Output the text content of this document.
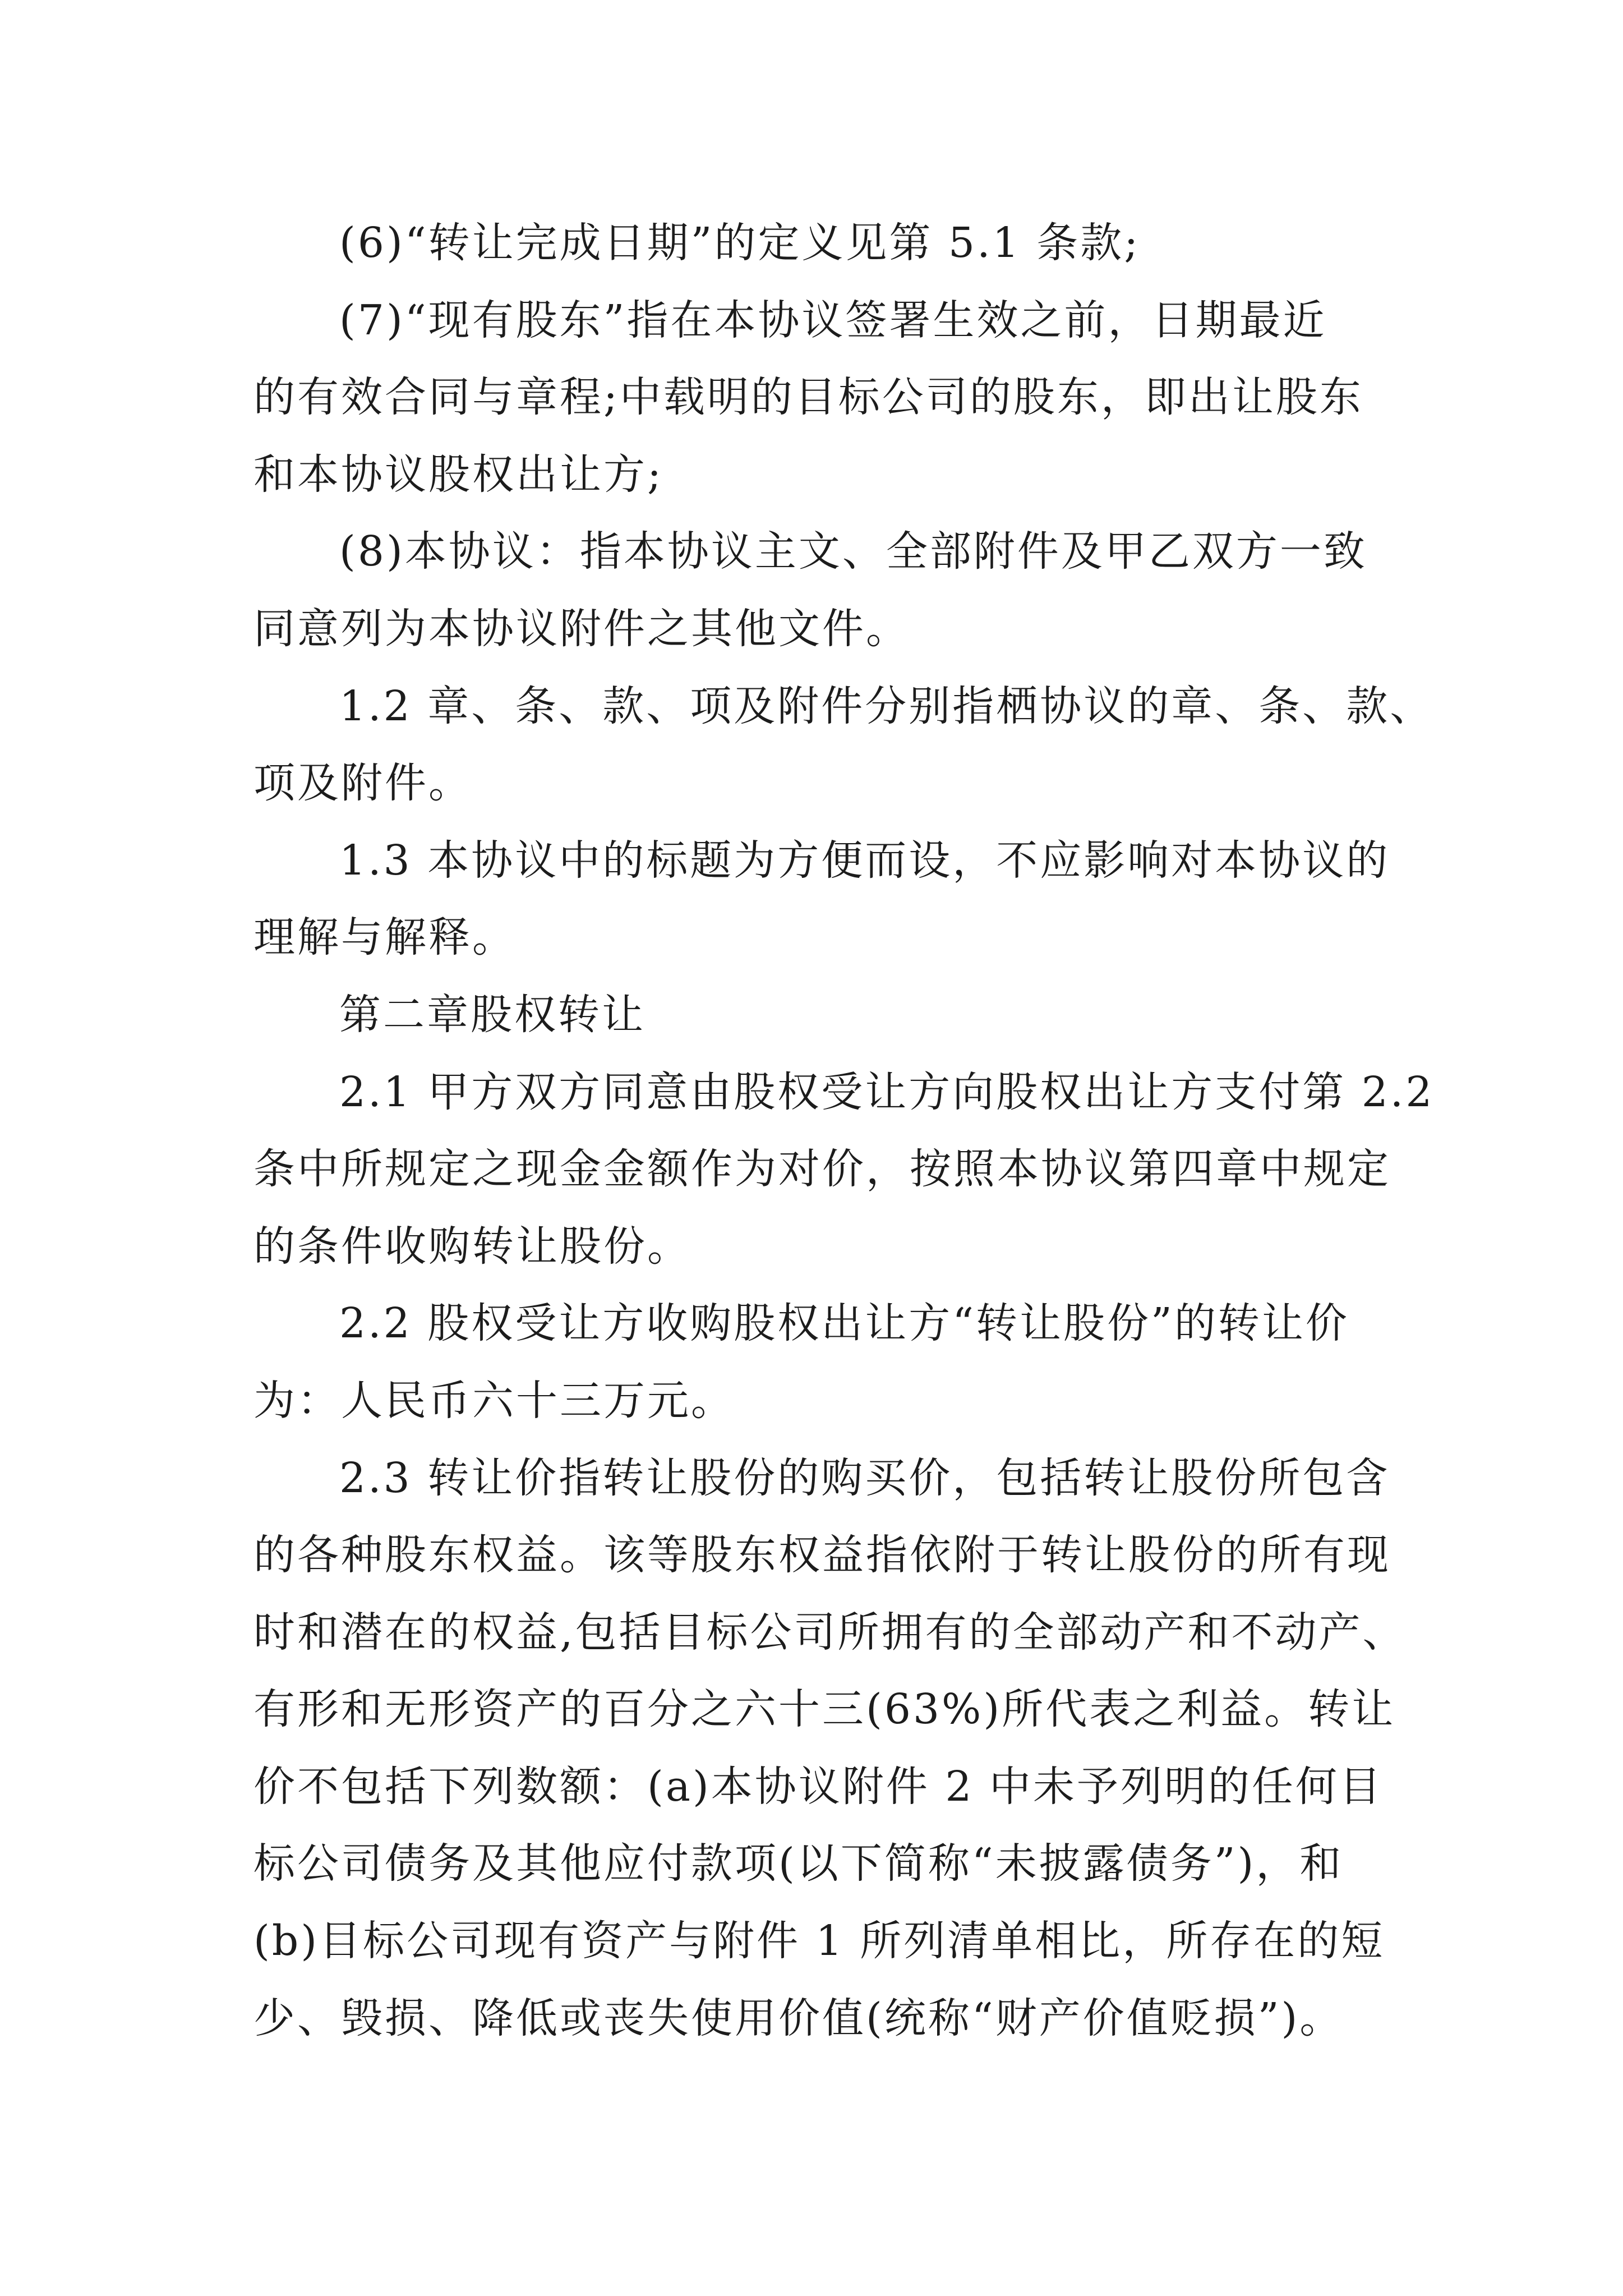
(6)“转让完成日期”的定义见第 5.1 条款;
(7)“现有股东”指在本协议签署生效之前，日期最近
的有效合同与章程;中载明的目标公司的股东，即出让股东
和本协议股权出让方;
(8)本协议：指本协议主文、全部附件及甲乙双方一致
同意列为本协议附件之其他文件。
1.2 章、条、款、项及附件分别指栖协议的章、条、款、
项及附件。
1.3 本协议中的标题为方便而设，不应影响对本协议的
理解与解释。
第二章股权转让
2.1 甲方双方同意由股权受让方向股权出让方支付第 2.2
条中所规定之现金金额作为对价，按照本协议第四章中规定
的条件收购转让股份。
2.2 股权受让方收购股权出让方“转让股份”的转让价
为：人民币六十三万元。
2.3 转让价指转让股份的购买价，包括转让股份所包含
的各种股东权益。该等股东权益指依附于转让股份的所有现
时和潜在的权益,包括目标公司所拥有的全部动产和不动产、
有形和无形资产的百分之六十三(63%)所代表之利益。转让
价不包括下列数额：(a)本协议附件 2 中未予列明的任何目
标公司债务及其他应付款项(以下简称“未披露债务”)，和
(b)目标公司现有资产与附件 1 所列清单相比，所存在的短
少、毁损、降低或丧失使用价值(统称“财产价值贬损”)。
